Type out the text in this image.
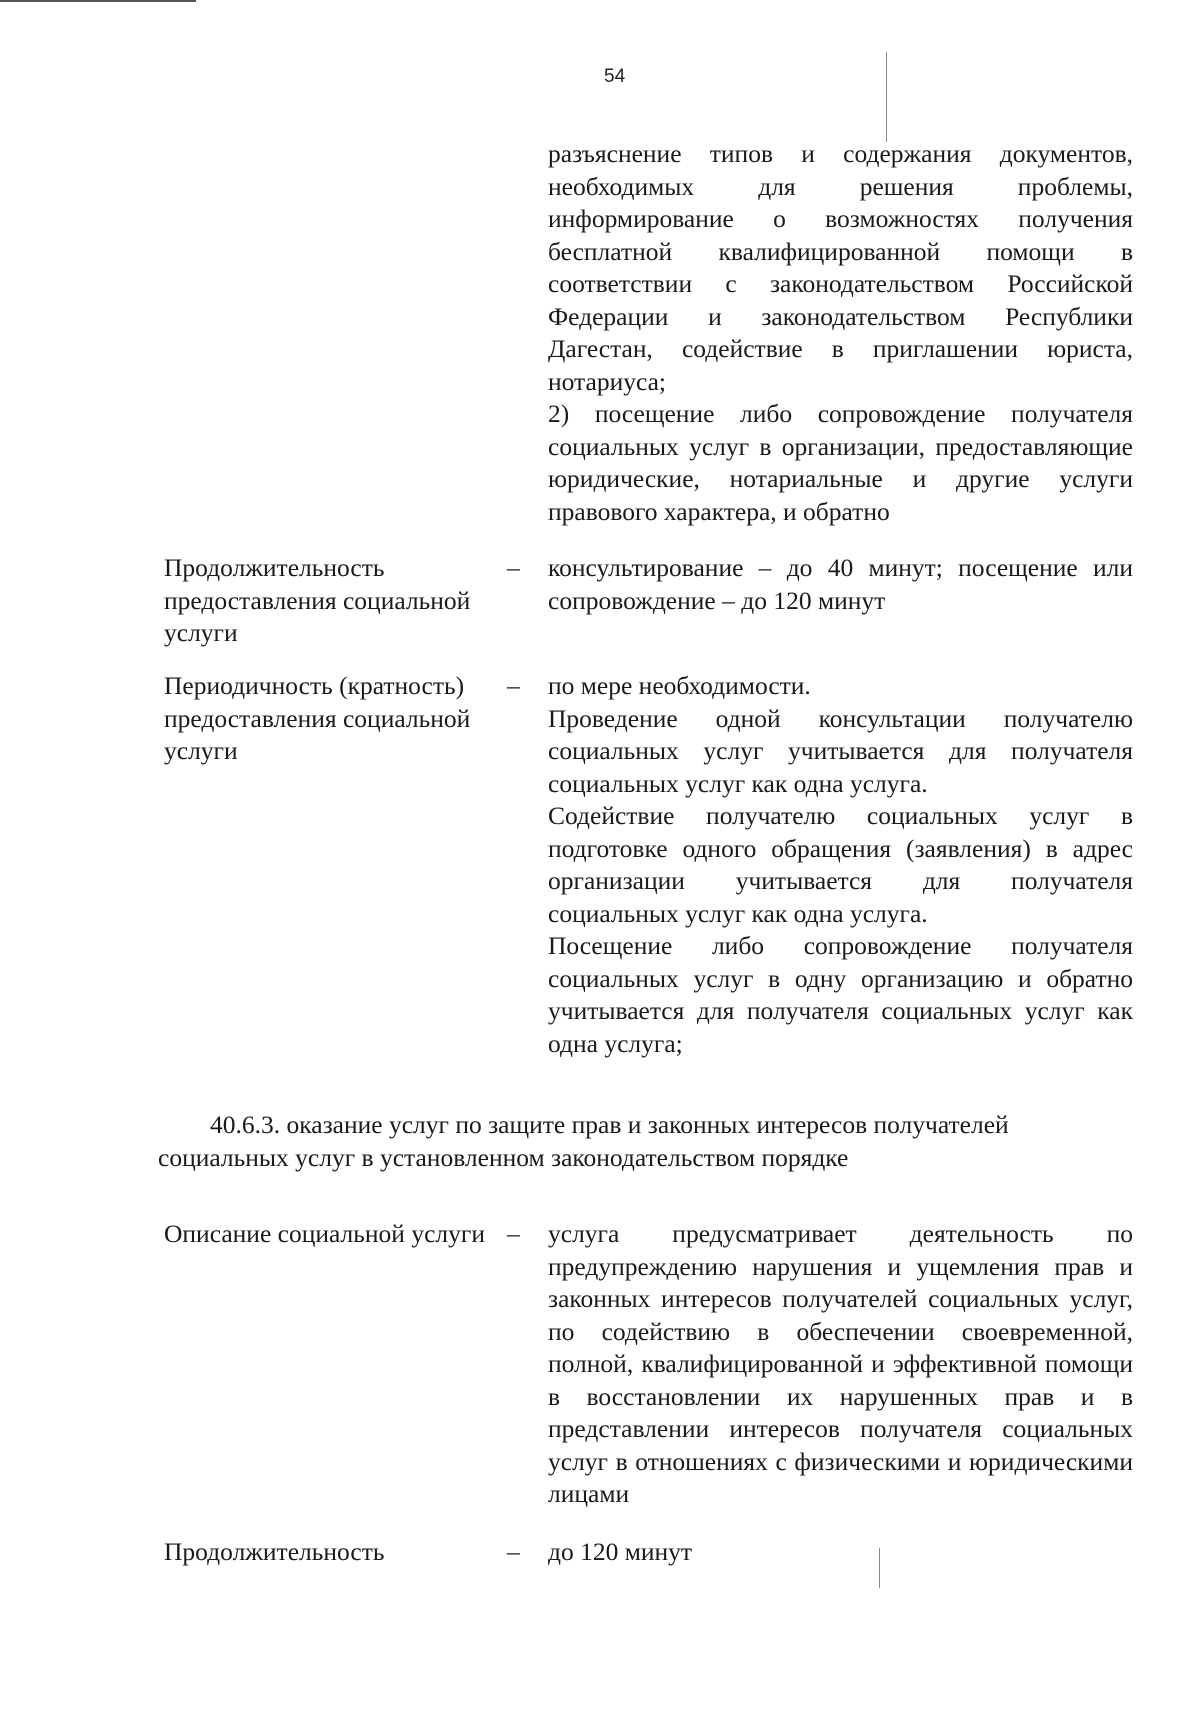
54

разъяснение типов и содержания документов, необходимых для решения проблемы, информирование о возможностях получения бесплатной квалифицированной помощи в соответствии с законодательством Российской Федерации и законодательством Республики Дагестан, содействие в приглашении юриста, нотариуса;

2) посещение либо сопровождение получателя социальных услуг в организации, предоставляющие юридические, нотариальные и другие услуги правового характера, и обратно

Продолжительность предоставления социальной услуги

– консультирование – до 40 минут; посещение или сопровождение – до 120 минут

Периодичность (кратность) предоставления социальной услуги

– по мере необходимости.

Проведение одной консультации получателю социальных услуг учитывается для получателя социальных услуг как одна услуга.

Содействие получателю социальных услуг в подготовке одного обращения (заявления) в адрес организации учитывается для получателя социальных услуг как одна услуга.

Посещение либо сопровождение получателя социальных услуг в одну организацию и обратно учитывается для получателя социальных услуг как одна услуга;

40.6.3. оказание услуг по защите прав и законных интересов получателей социальных услуг в установленном законодательством порядке

Описание социальной услуги – услуга предусматривает деятельность по предупреждению нарушения и ущемления прав и законных интересов получателей социальных услуг, по содействию в обеспечении своевременной, полной, квалифицированной и эффективной помощи в восстановлении их нарушенных прав и в представлении интересов получателя социальных услуг в отношениях с физическими и юридическими лицами

Продолжительность	– до 120 минут
